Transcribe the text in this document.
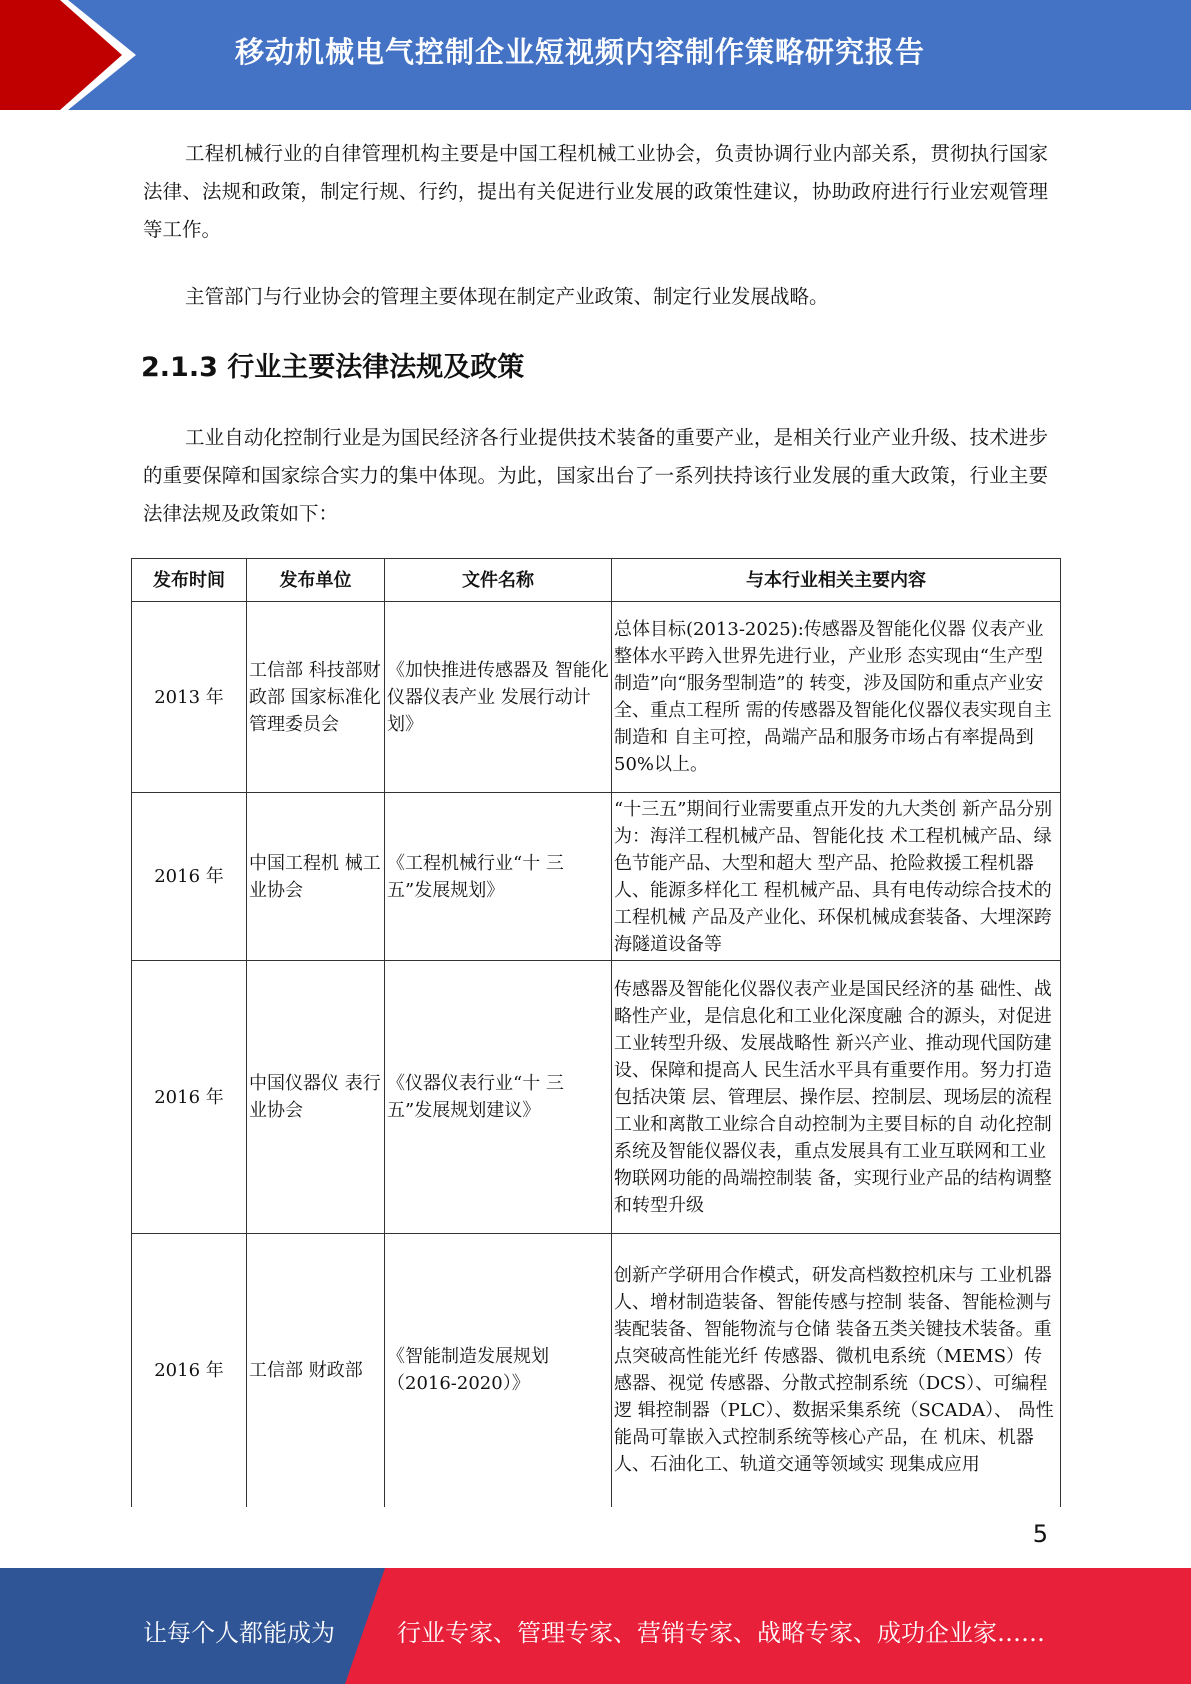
移动机械电气控制企业短视频内容制作策略研究报告

工程机械行业的自律管理机构主要是中国工程机械工业协会，负责协调行业内部关系，贯彻执行国家法律、法规和政策，制定行规、行约，提出有关促进行业发展的政策性建议，协助政府进行行业宏观管理等工作。

主管部门与行业协会的管理主要体现在制定产业政策、制定行业发展战略。

2.1.3 行业主要法律法规及政策

工业自动化控制行业是为国民经济各行业提供技术装备的重要产业，是相关行业产业升级、技术进步的重要保障和国家综合实力的集中体现。为此，国家出台了一系列扶持该行业发展的重大政策，行业主要法律法规及政策如下：

发布时间	发布单位	文件名称	与本行业相关主要内容
2013 年	工信部 科技部财政部 国家标准化 管理委员会	《加快推进传感器及 智能化仪器仪表产业 发展行动计划》	总体目标(2013-2025):传感器及智能化仪器 仪表产业整体水平跨入世界先进行业，产业形 态实现由“生产型制造”向“服务型制造”的 转变，涉及国防和重点产业安全、重点工程所 需的传感器及智能化仪器仪表实现自主制造和 自主可控，咼端产品和服务市场占有率提咼到 50%以上。
2016 年	中国工程机 械工业协会	《工程机械行业“十 三五”发展规划》	“十三五”期间行业需要重点开发的九大类创 新产品分别为：海洋工程机械产品、智能化技 术工程机械产品、绿色节能产品、大型和超大 型产品、抢险救援工程机器人、能源多样化工 程机械产品、具有电传动综合技术的工程机械 产品及产业化、环保机械成套装备、大埋深跨海隧道设备等
2016 年	中国仪器仪 表行业协会	《仪器仪表行业“十 三五”发展规划建议》	传感器及智能化仪器仪表产业是国民经济的基 础性、战略性产业，是信息化和工业化深度融 合的源头，对促进工业转型升级、发展战略性 新兴产业、推动现代国防建设、保障和提高人 民生活水平具有重要作用。努力打造包括决策 层、管理层、操作层、控制层、现场层的流程 工业和离散工业综合自动控制为主要目标的自 动化控制系统及智能仪器仪表，重点发展具有工业互联网和工业物联网功能的咼端控制装 备，实现行业产品的结构调整和转型升级
2016 年	工信部 财政部	《智能制造发展规划（2016-2020）》	创新产学研用合作模式，研发高档数控机床与 工业机器人、增材制造装备、智能传感与控制 装备、智能检测与装配装备、智能物流与仓储 装备五类关键技术装备。重点突破高性能光纤 传感器、微机电系统（MEMS）传感器、视觉 传感器、分散式控制系统（DCS）、可编程逻 辑控制器（PLC）、数据采集系统（SCADA）、 咼性能咼可靠嵌入式控制系统等核心产品，在 机床、机器人、石油化工、轨道交通等领域实 现集成应用
5
让每个人都能成为	行业专家、管理专家、营销专家、战略专家、成功企业家……
